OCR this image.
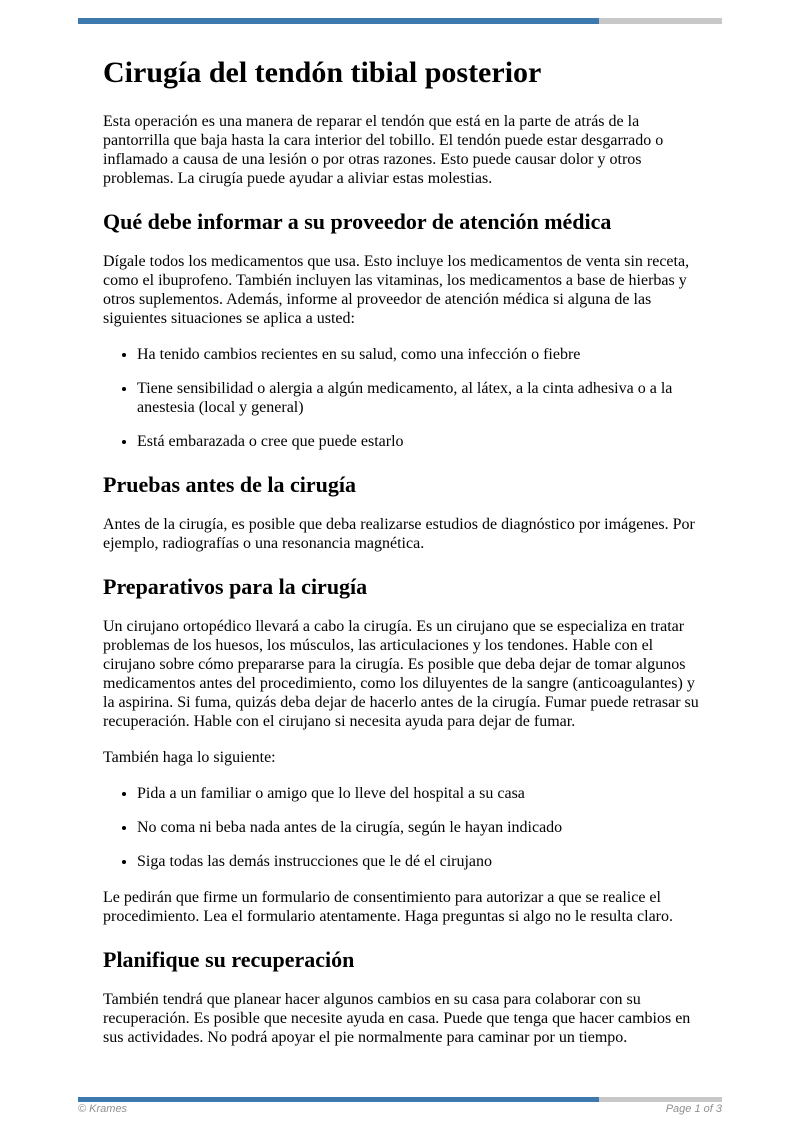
Cirugía del tendón tibial posterior

Esta operación es una manera de reparar el tendón que está en la parte de atrás de la pantorrilla que baja hasta la cara interior del tobillo. El tendón puede estar desgarrado o inflamado a causa de una lesión o por otras razones. Esto puede causar dolor y otros problemas. La cirugía puede ayudar a aliviar estas molestias.

Qué debe informar a su proveedor de atención médica

Dígale todos los medicamentos que usa. Esto incluye los medicamentos de venta sin receta, como el ibuprofeno. También incluyen las vitaminas, los medicamentos a base de hierbas y otros suplementos. Además, informe al proveedor de atención médica si alguna de las siguientes situaciones se aplica a usted:

• Ha tenido cambios recientes en su salud, como una infección o fiebre
• Tiene sensibilidad o alergia a algún medicamento, al látex, a la cinta adhesiva o a la anestesia (local y general)
• Está embarazada o cree que puede estarlo
Pruebas antes de la cirugía

Antes de la cirugía, es posible que deba realizarse estudios de diagnóstico por imágenes. Por ejemplo, radiografías o una resonancia magnética.

Preparativos para la cirugía

Un cirujano ortopédico llevará a cabo la cirugía. Es un cirujano que se especializa en tratar problemas de los huesos, los músculos, las articulaciones y los tendones. Hable con el cirujano sobre cómo prepararse para la cirugía. Es posible que deba dejar de tomar algunos medicamentos antes del procedimiento, como los diluyentes de la sangre (anticoagulantes) y la aspirina. Si fuma, quizás deba dejar de hacerlo antes de la cirugía. Fumar puede retrasar su recuperación. Hable con el cirujano si necesita ayuda para dejar de fumar.

También haga lo siguiente:

• Pida a un familiar o amigo que lo lleve del hospital a su casa
• No coma ni beba nada antes de la cirugía, según le hayan indicado
• Siga todas las demás instrucciones que le dé el cirujano

Le pedirán que firme un formulario de consentimiento para autorizar a que se realice el procedimiento. Lea el formulario atentamente. Haga preguntas si algo no le resulta claro.

Planifique su recuperación

También tendrá que planear hacer algunos cambios en su casa para colaborar con su recuperación. Es posible que necesite ayuda en casa. Puede que tenga que hacer cambios en sus actividades. No podrá apoyar el pie normalmente para caminar por un tiempo.

© Krames	Page 1 of 3
